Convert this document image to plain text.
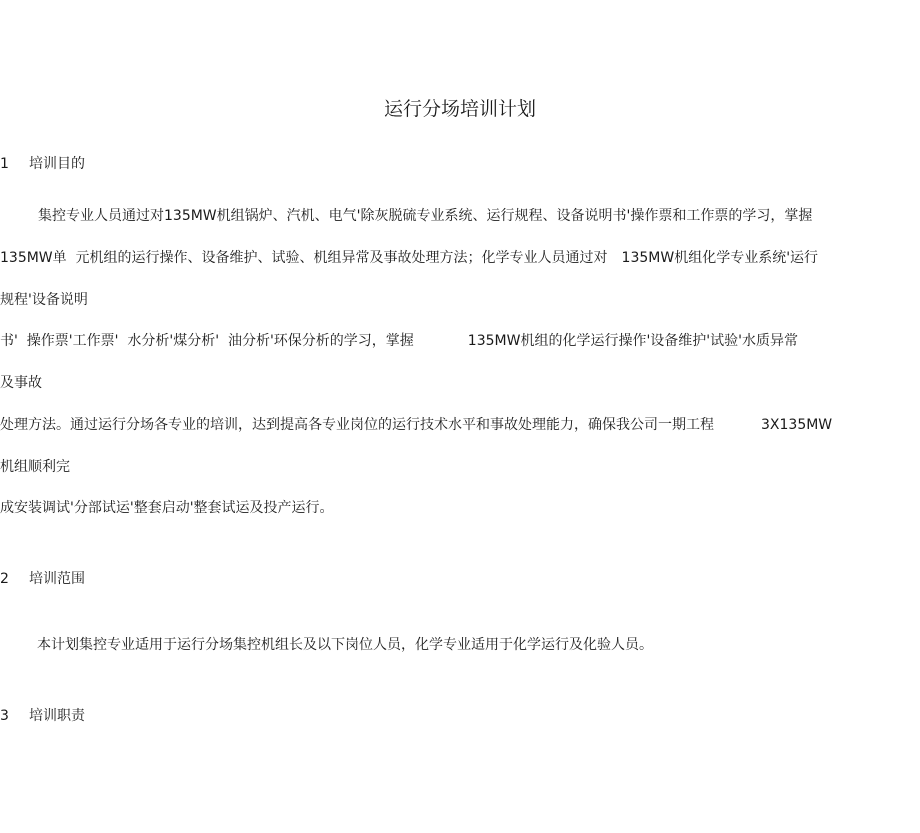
运行分场培训计划
1 培训目的

集控专业人员通过对135MW机组锅炉、汽机、电气'除灰脱硫专业系统、运行规程、设备说明书'操作票和工作票的学习，掌握

135MW单  元机组的运行操作、设备维护、试验、机组异常及事故处理方法；化学专业人员通过对 135MW机组化学专业系统'运行

规程'设备说明

书'  操作票'工作票'  水分析'煤分析'  油分析'环保分析的学习，掌握	135MW机组的化学运行操作'设备维护'试验'水质异常

及事故

处理方法。通过运行分场各专业的培训，达到提高各专业岗位的运行技术水平和事故处理能力，确保我公司一期工程	3X135MW

机组顺利完

成安装调试'分部试运'整套启动'整套试运及投产运行。

2 培训范围

本计划集控专业适用于运行分场集控机组长及以下岗位人员，化学专业适用于化学运行及化验人员。

3 培训职责
